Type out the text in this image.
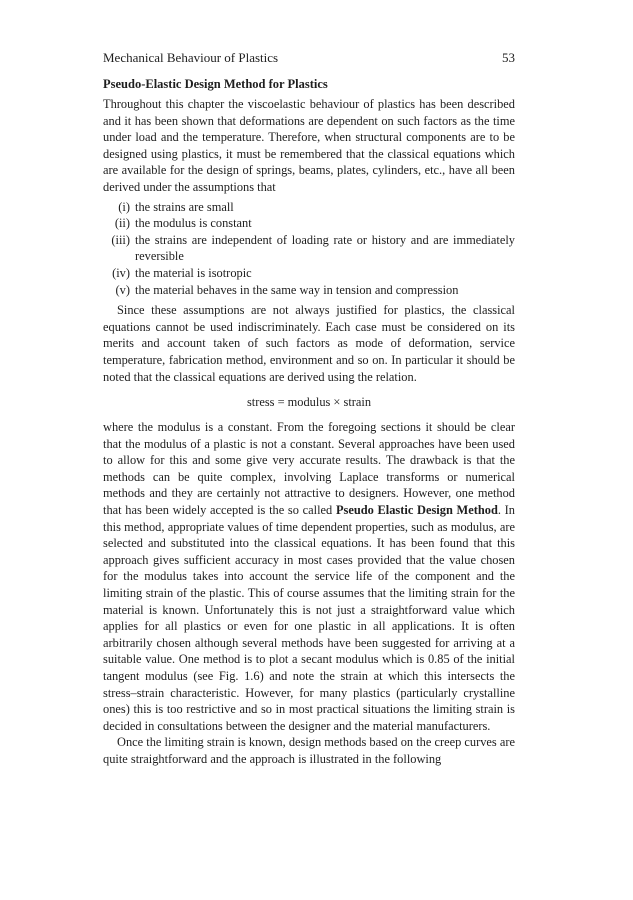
Mechanical Behaviour of Plastics	53
Pseudo-Elastic Design Method for Plastics

Throughout this chapter the viscoelastic behaviour of plastics has been described and it has been shown that deformations are dependent on such factors as the time under load and the temperature. Therefore, when structural components are to be designed using plastics, it must be remembered that the classical equations which are available for the design of springs, beams, plates, cylinders, etc., have all been derived under the assumptions that

(i) the strains are small
(ii) the modulus is constant
(iii) the strains are independent of loading rate or history and are immediately reversible
(iv) the material is isotropic
(v) the material behaves in the same way in tension and compression

Since these assumptions are not always justified for plastics, the classical equations cannot be used indiscriminately. Each case must be considered on its merits and account taken of such factors as mode of deformation, service temperature, fabrication method, environment and so on. In particular it should be noted that the classical equations are derived using the relation.

stress = modulus × strain

where the modulus is a constant. From the foregoing sections it should be clear that the modulus of a plastic is not a constant. Several approaches have been used to allow for this and some give very accurate results. The drawback is that the methods can be quite complex, involving Laplace transforms or numerical methods and they are certainly not attractive to designers. However, one method that has been widely accepted is the so called Pseudo Elastic Design Method. In this method, appropriate values of time dependent properties, such as modulus, are selected and substituted into the classical equations. It has been found that this approach gives sufficient accuracy in most cases provided that the value chosen for the modulus takes into account the service life of the component and the limiting strain of the plastic. This of course assumes that the limiting strain for the material is known. Unfortunately this is not just a straightforward value which applies for all plastics or even for one plastic in all applications. It is often arbitrarily chosen although several methods have been suggested for arriving at a suitable value. One method is to plot a secant modulus which is 0.85 of the initial tangent modulus (see Fig. 1.6) and note the strain at which this intersects the stress–strain characteristic. However, for many plastics (particularly crystalline ones) this is too restrictive and so in most practical situations the limiting strain is decided in consultations between the designer and the material manufacturers.

Once the limiting strain is known, design methods based on the creep curves are quite straightforward and the approach is illustrated in the following
